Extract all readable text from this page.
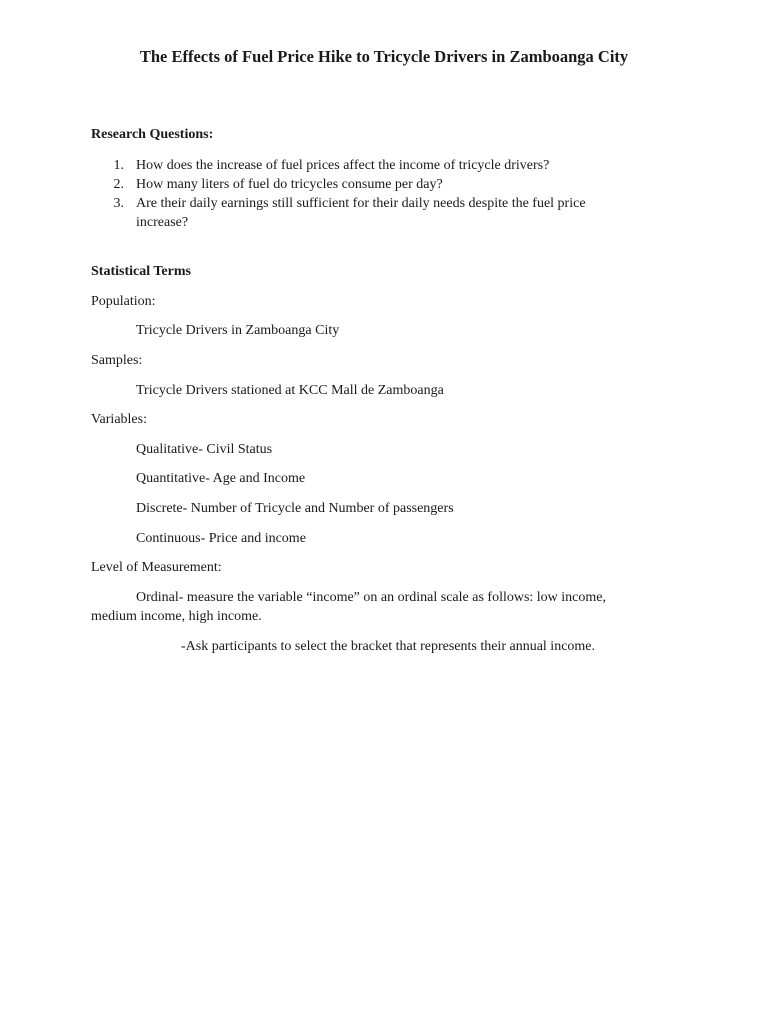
The Effects of Fuel Price Hike to Tricycle Drivers in Zamboanga City
Research Questions:
1. How does the increase of fuel prices affect the income of tricycle drivers?
2. How many liters of fuel do tricycles consume per day?
3. Are their daily earnings still sufficient for their daily needs despite the fuel price
increase?
Statistical Terms
Population:
Tricycle Drivers in Zamboanga City
Samples:
Tricycle Drivers stationed at KCC Mall de Zamboanga
Variables:
Qualitative- Civil Status
Quantitative- Age and Income
Discrete- Number of Tricycle and Number of passengers
Continuous- Price and income
Level of Measurement:
Ordinal- measure the variable “income” on an ordinal scale as follows: low income,
medium income, high income.
-Ask participants to select the bracket that represents their annual income.
